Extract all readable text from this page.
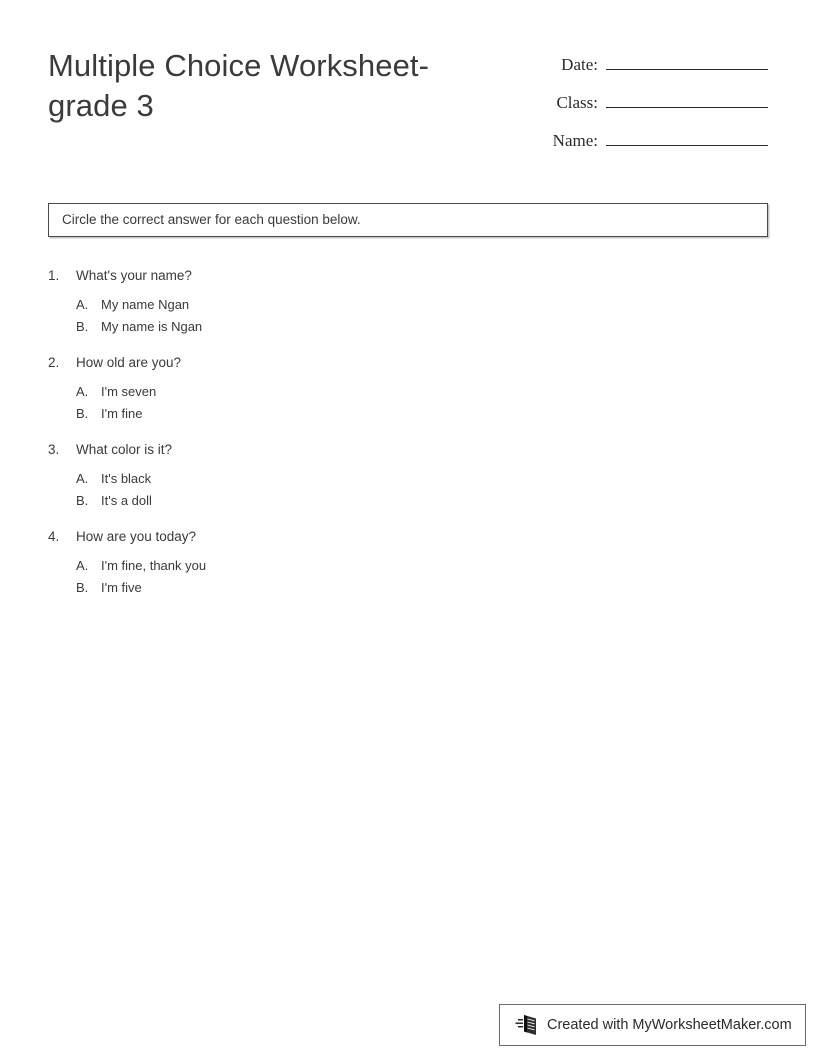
Multiple Choice Worksheet-grade 3
Date:
Class:
Name:
Circle the correct answer for each question below.
1.	What's your name?
A. My name Ngan
B. My name is Ngan
2.	How old are you?
A. I'm seven
B. I'm fine
3.	What color is it?
A. It's black
B. It's a doll
4.	How are you today?
A. I'm fine, thank you
B. I'm five
Created with MyWorksheetMaker.com
